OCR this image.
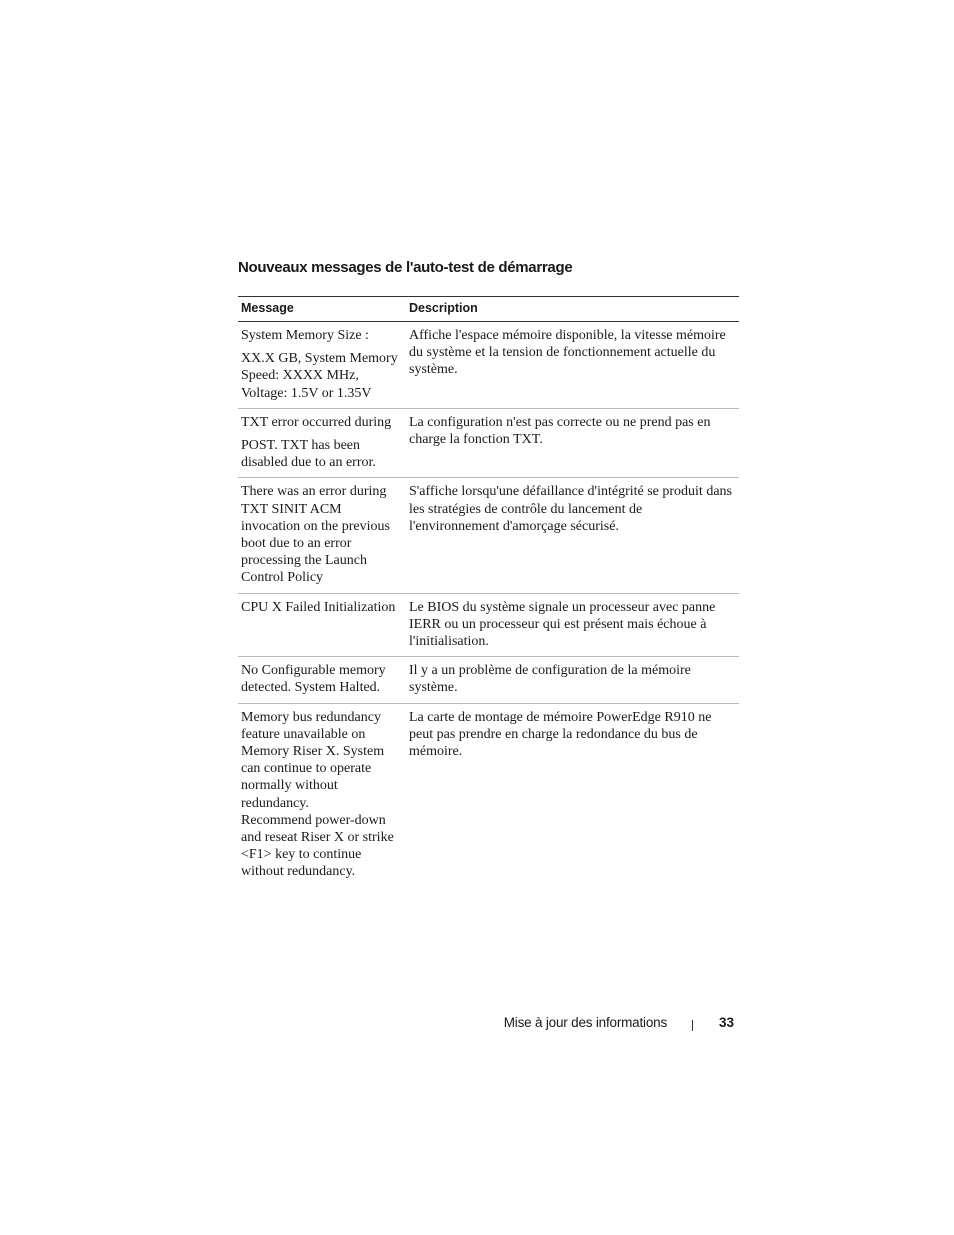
Nouveaux messages de l'auto-test de démarrage
Message	Description

System Memory Size :

XX.X GB, System Memory Speed: XXXX MHz, Voltage: 1.5V or 1.35V	Affiche l'espace mémoire disponible, la vitesse mémoire du système et la tension de fonctionnement actuelle du système.

TXT error occurred during

POST. TXT has been disabled due to an error.	La configuration n'est pas correcte ou ne prend pas en charge la fonction TXT.

There was an error during TXT SINIT ACM invocation on the previous boot due to an error processing the Launch Control Policy	S'affiche lorsqu'une défaillance d'intégrité se produit dans les stratégies de contrôle du lancement de l'environnement d'amorçage sécurisé.

CPU X Failed Initialization	Le BIOS du système signale un processeur avec panne IERR ou un processeur qui est présent mais échoue à l'initialisation.

No Configurable memory detected. System Halted.	Il y a un problème de configuration de la mémoire système.

Memory bus redundancy feature unavailable on Memory Riser X. System can continue to operate normally without redundancy.

Recommend power-down and reseat Riser X or strike <F1> key to continue without redundancy.	La carte de montage de mémoire PowerEdge R910 ne peut pas prendre en charge la redondance du bus de mémoire.
Mise à jour des informations	33
